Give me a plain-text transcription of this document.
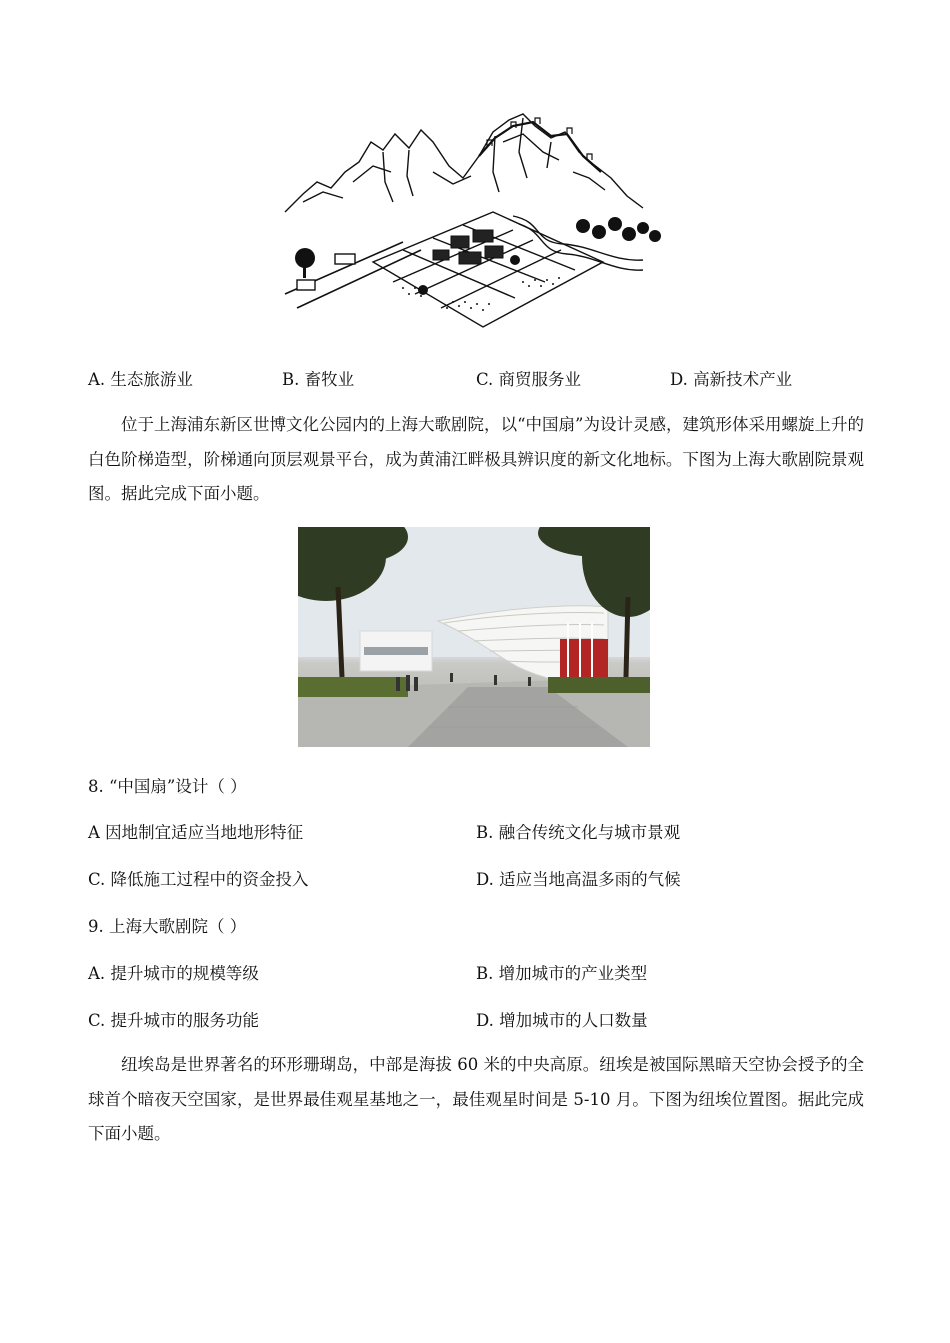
A. 生态旅游业	B. 畜牧业	C. 商贸服务业	D. 高新技术产业
位于上海浦东新区世博文化公园内的上海大歌剧院，以“中国扇”为设计灵感，建筑形体采用螺旋上升的白色阶梯造型，阶梯通向顶层观景平台，成为黄浦江畔极具辨识度的新文化地标。下图为上海大歌剧院景观图。据此完成下面小题。
8. “中国扇”设计（ ）
A 因地制宜适应当地地形特征	B. 融合传统文化与城市景观
C. 降低施工过程中的资金投入	D. 适应当地高温多雨的气候
9. 上海大歌剧院（ ）
A. 提升城市的规模等级	B. 增加城市的产业类型
C. 提升城市的服务功能	D. 增加城市的人口数量
纽埃岛是世界著名的环形珊瑚岛，中部是海拔 60 米的中央高原。纽埃是被国际黑暗天空协会授予的全球首个暗夜天空国家，是世界最佳观星基地之一，最佳观星时间是 5-10 月。下图为纽埃位置图。据此完成下面小题。
